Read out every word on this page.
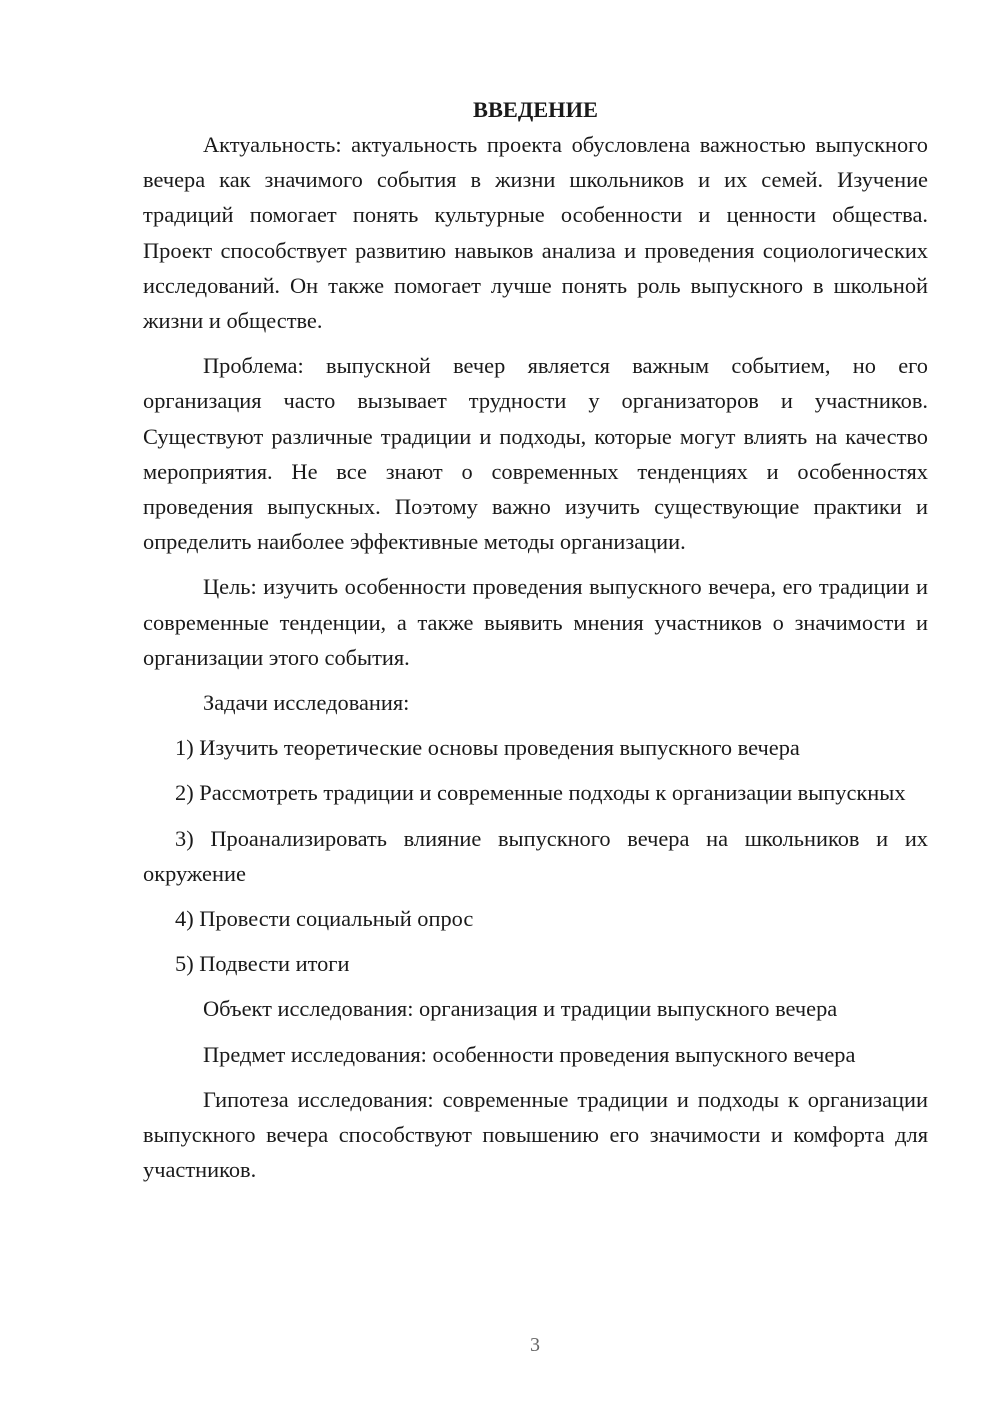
ВВЕДЕНИЕ

Актуальность: актуальность проекта обусловлена важностью выпускного вечера как значимого события в жизни школьников и их семей. Изучение традиций помогает понять культурные особенности и ценности общества. Проект способствует развитию навыков анализа и проведения социологических исследований. Он также помогает лучше понять роль выпускного в школьной жизни и обществе.

Проблема: выпускной вечер является важным событием, но его организация часто вызывает трудности у организаторов и участников. Существуют различные традиции и подходы, которые могут влиять на качество мероприятия. Не все знают о современных тенденциях и особенностях проведения выпускных. Поэтому важно изучить существующие практики и определить наиболее эффективные методы организации.

Цель: изучить особенности проведения выпускного вечера, его традиции и современные тенденции, а также выявить мнения участников о значимости и организации этого события.

Задачи исследования:

1) Изучить теоретические основы проведения выпускного вечера

2) Рассмотреть традиции и современные подходы к организации выпускных

3) Проанализировать влияние выпускного вечера на школьников и их окружение

4) Провести социальный опрос

5) Подвести итоги

Объект исследования: организация и традиции выпускного вечера

Предмет исследования: особенности проведения выпускного вечера

Гипотеза исследования: современные традиции и подходы к организации выпускного вечера способствуют повышению его значимости и комфорта для участников.

3
